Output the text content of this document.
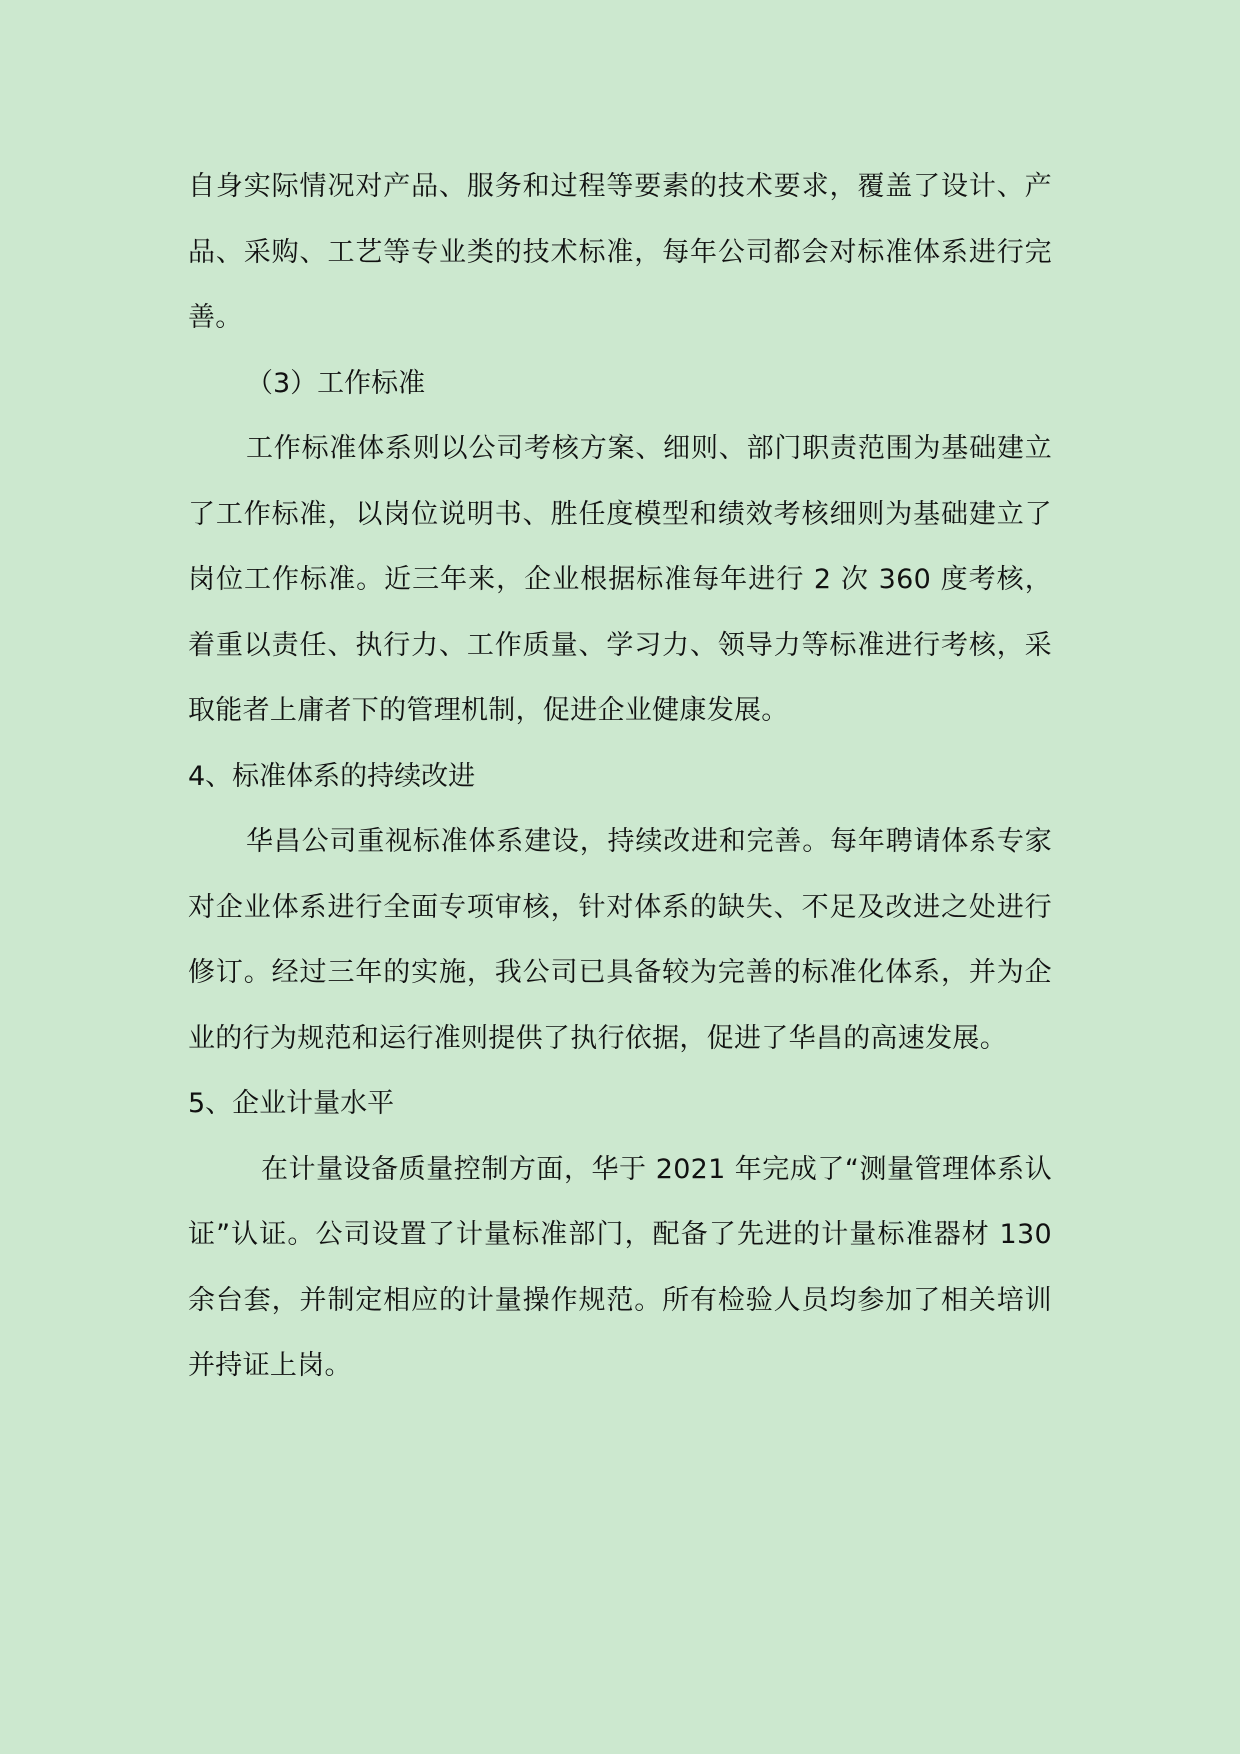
自身实际情况对产品、服务和过程等要素的技术要求，覆盖了设计、产品、采购、工艺等专业类的技术标准，每年公司都会对标准体系进行完善。

（3）工作标准

工作标准体系则以公司考核方案、细则、部门职责范围为基础建立了工作标准，以岗位说明书、胜任度模型和绩效考核细则为基础建立了岗位工作标准。近三年来，企业根据标准每年进行 2 次 360 度考核，着重以责任、执行力、工作质量、学习力、领导力等标准进行考核，采取能者上庸者下的管理机制，促进企业健康发展。

4、标准体系的持续改进

华昌公司重视标准体系建设，持续改进和完善。每年聘请体系专家对企业体系进行全面专项审核，针对体系的缺失、不足及改进之处进行修订。经过三年的实施，我公司已具备较为完善的标准化体系，并为企业的行为规范和运行准则提供了执行依据，促进了华昌的高速发展。

5、企业计量水平

在计量设备质量控制方面，华于 2021 年完成了“测量管理体系认证”认证。公司设置了计量标准部门，配备了先进的计量标准器材 130 余台套，并制定相应的计量操作规范。所有检验人员均参加了相关培训并持证上岗。
